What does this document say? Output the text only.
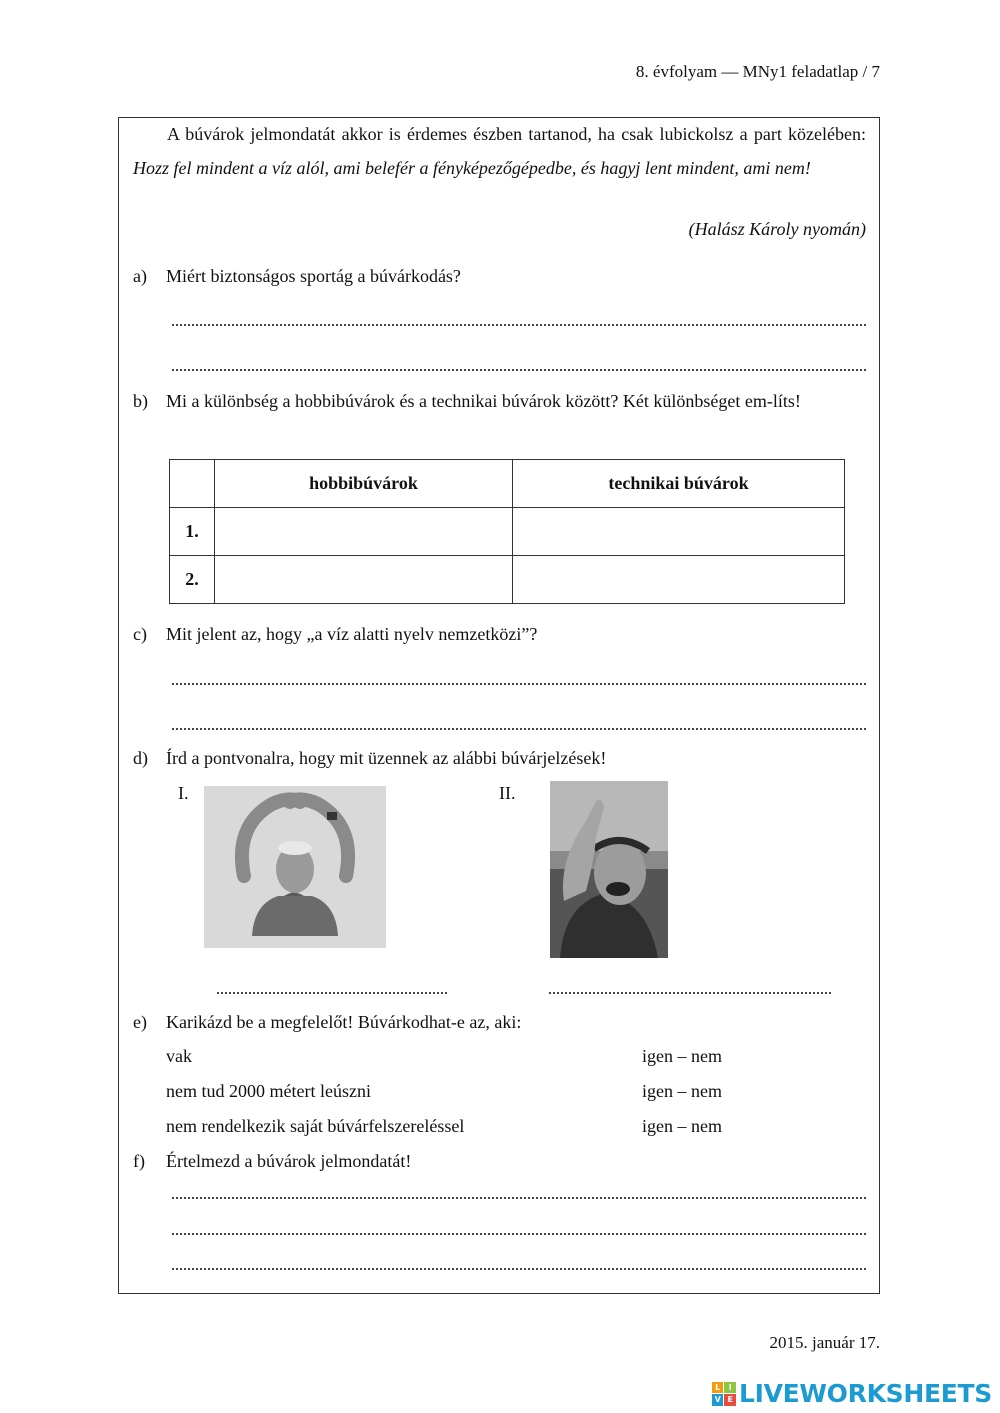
8. évfolyam — MNy1 feladatlap / 7
A búvárok jelmondatát akkor is érdemes észben tartanod, ha csak lubickolsz a part közelében: Hozz fel mindent a víz alól, ami belefér a fényképezőgépedbe, és hagyj lent mindent, ami nem!
(Halász Károly nyomán)
a) Miért biztonságos sportág a búvárkodás?
b) Mi a különbség a hobbibúvárok és a technikai búvárok között? Két különbséget em-líts!
	hobbibúvárok	technikai búvárok
1.		
2.		
c) Mit jelent az, hogy „a víz alatti nyelv nemzetközi”?
d) Írd a pontvonalra, hogy mit üzennek az alábbi búvárjelzések!
I.	II.
e) Karikázd be a megfelelőt! Búvárkodhat-e az, aki:
vak	igen – nem
nem tud 2000 métert leúszni	igen – nem
nem rendelkezik saját búvárfelszereléssel	igen – nem
f) Értelmezd a búvárok jelmondatát!
2015. január 17.
L	I
V E LIVEWORKSHEETS
